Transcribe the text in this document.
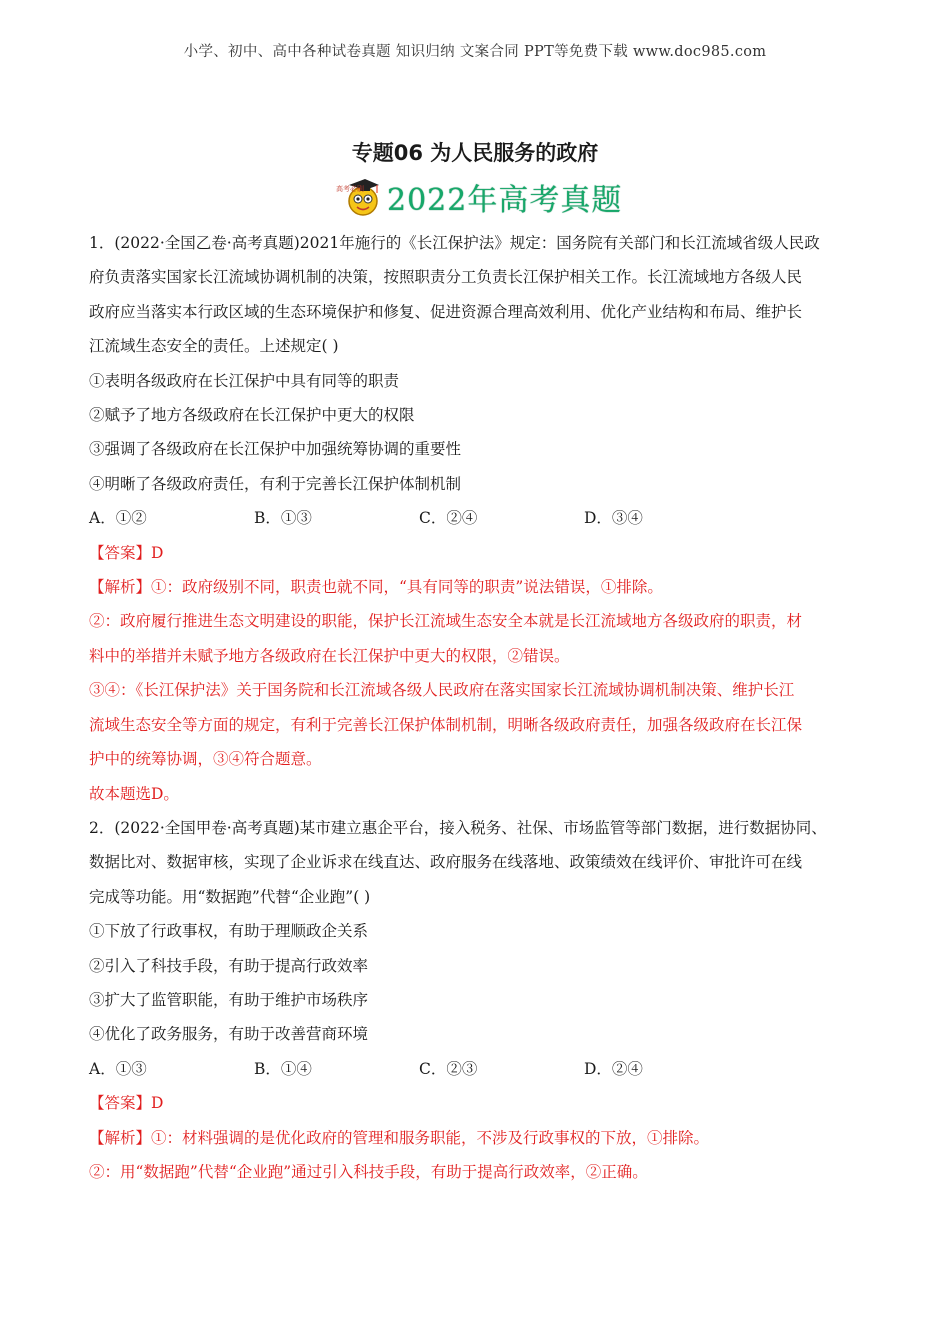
小学、初中、高中各种试卷真题 知识归纳 文案合同 PPT等免费下载 www.doc985.com
专题06 为人民服务的政府
高考必刷 2022年高考真题
1．(2022·全国乙卷·高考真题)2021年施行的《长江保护法》规定：国务院有关部门和长江流域省级人民政
府负责落实国家长江流域协调机制的决策，按照职责分工负责长江保护相关工作。长江流域地方各级人民
政府应当落实本行政区域的生态环境保护和修复、促进资源合理高效利用、优化产业结构和布局、维护长
江流域生态安全的责任。上述规定( )
①表明各级政府在长江保护中具有同等的职责
②赋予了地方各级政府在长江保护中更大的权限
③强调了各级政府在长江保护中加强统筹协调的重要性
④明晰了各级政府责任，有利于完善长江保护体制机制
A．①②	B．①③	C．②④	D．③④
【答案】D
【解析】①：政府级别不同，职责也就不同，“具有同等的职责”说法错误，①排除。
②：政府履行推进生态文明建设的职能，保护长江流域生态安全本就是长江流域地方各级政府的职责，材
料中的举措并未赋予地方各级政府在长江保护中更大的权限，②错误。
③④：《长江保护法》关于国务院和长江流域各级人民政府在落实国家长江流域协调机制决策、维护长江
流域生态安全等方面的规定，有利于完善长江保护体制机制，明晰各级政府责任，加强各级政府在长江保
护中的统筹协调，③④符合题意。
故本题选D。
2．(2022·全国甲卷·高考真题)某市建立惠企平台，接入税务、社保、市场监管等部门数据，进行数据协同、
数据比对、数据审核，实现了企业诉求在线直达、政府服务在线落地、政策绩效在线评价、审批许可在线
完成等功能。用“数据跑”代替“企业跑”( )
①下放了行政事权，有助于理顺政企关系
②引入了科技手段，有助于提高行政效率
③扩大了监管职能，有助于维护市场秩序
④优化了政务服务，有助于改善营商环境
A．①③	B．①④	C．②③	D．②④
【答案】D
【解析】①：材料强调的是优化政府的管理和服务职能，不涉及行政事权的下放，①排除。
②：用“数据跑”代替“企业跑”通过引入科技手段，有助于提高行政效率，②正确。
